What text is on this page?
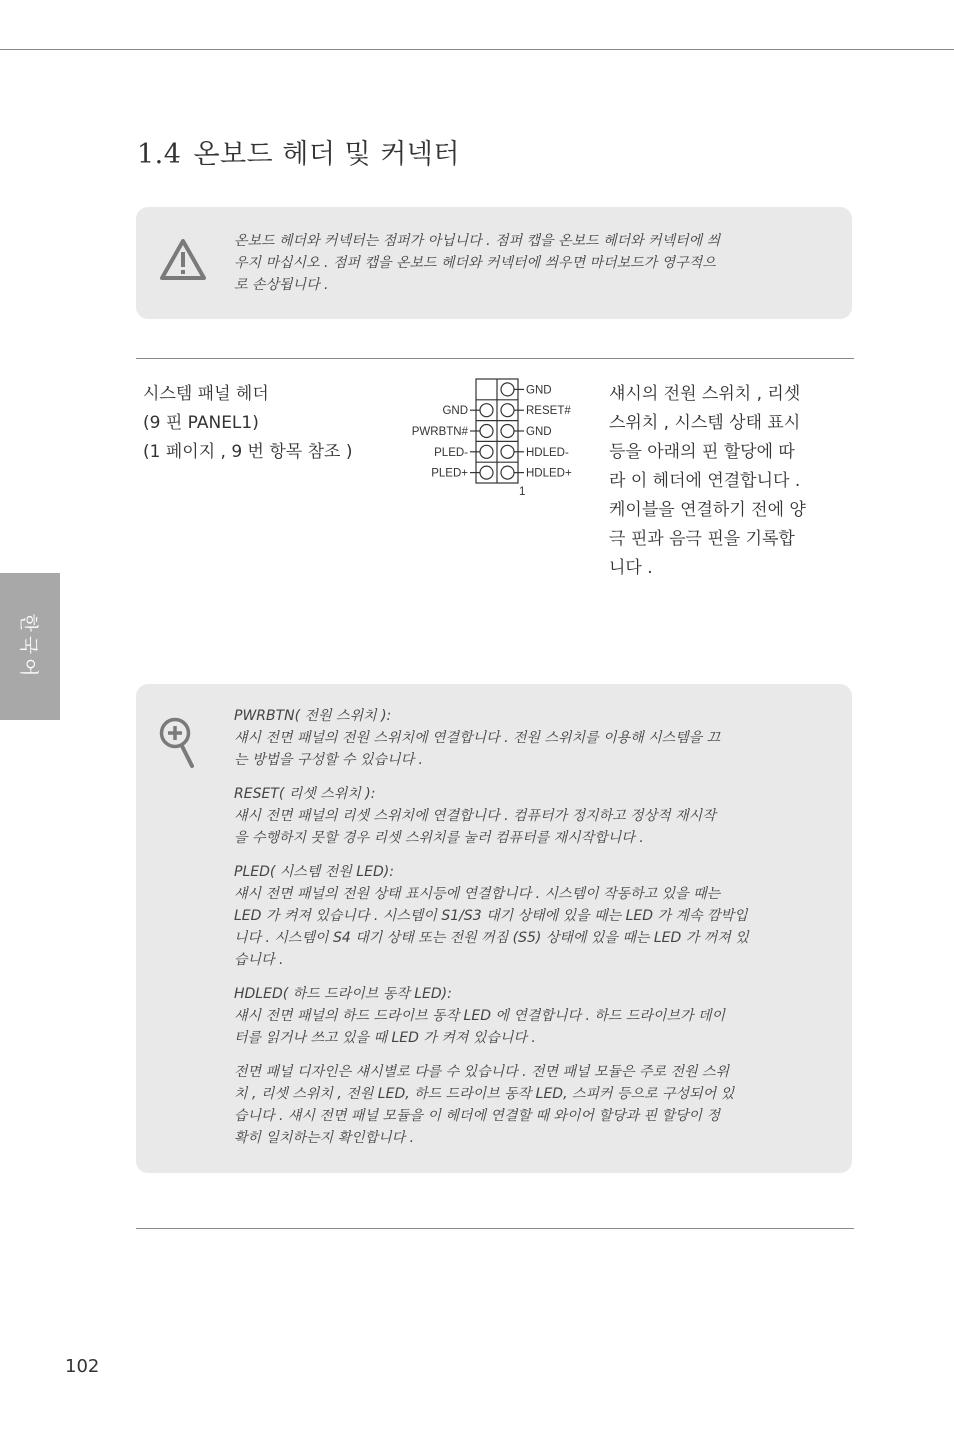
1.4 온보드 헤더 및 커넥터
온보드 헤더와 커넥터는 점퍼가 아닙니다 . 점퍼 캡을 온보드 헤더와 커넥터에 씌
우지 마십시오 . 점퍼 캡을 온보드 헤더와 커넥터에 씌우면 마더보드가 영구적으
로 손상됩니다 .
시스템 패널 헤더
(9 핀 PANEL1)
(1 페이지 , 9 번 항목 참조 )
GND
RESET#
GND
HDLED-
HDLED+
GND
PWRBTN#
PLED-
PLED+
1
섀시의 전원 스위치 , 리셋 스위치 , 시스템 상태 표시등을 아래의 핀 할당에 따라 이 헤더에 연결합니다 . 케이블을 연결하기 전에 양극 핀과 음극 핀을 기록합니다 .
한국어

PWRBTN( 전원 스위치 ):

섀시 전면 패널의 전원 스위치에 연결합니다 . 전원 스위치를 이용해 시스템을 끄

는 방법을 구성할 수 있습니다 .

RESET( 리셋 스위치 ):

섀시 전면 패널의 리셋 스위치에 연결합니다 . 컴퓨터가 정지하고 정상적 재시작

을 수행하지 못할 경우 리셋 스위치를 눌러 컴퓨터를 재시작합니다 .

PLED( 시스템 전원 LED):

섀시 전면 패널의 전원 상태 표시등에 연결합니다 . 시스템이 작동하고 있을 때는

LED 가 켜져 있습니다 . 시스템이 S1/S3 대기 상태에 있을 때는 LED 가 계속 깜박입

니다 . 시스템이 S4 대기 상태 또는 전원 꺼짐 (S5) 상태에 있을 때는 LED 가 꺼져 있

습니다 .

HDLED( 하드 드라이브 동작 LED):

섀시 전면 패널의 하드 드라이브 동작 LED 에 연결합니다 . 하드 드라이브가 데이

터를 읽거나 쓰고 있을 때 LED 가 켜져 있습니다 .

전면 패널 디자인은 섀시별로 다를 수 있습니다 . 전면 패널 모듈은 주로 전원 스위

치 , 리셋 스위치 , 전원 LED, 하드 드라이브 동작 LED, 스피커 등으로 구성되어 있

습니다 . 섀시 전면 패널 모듈을 이 헤더에 연결할 때 와이어 할당과 핀 할당이 정

확히 일치하는지 확인합니다 .

102
